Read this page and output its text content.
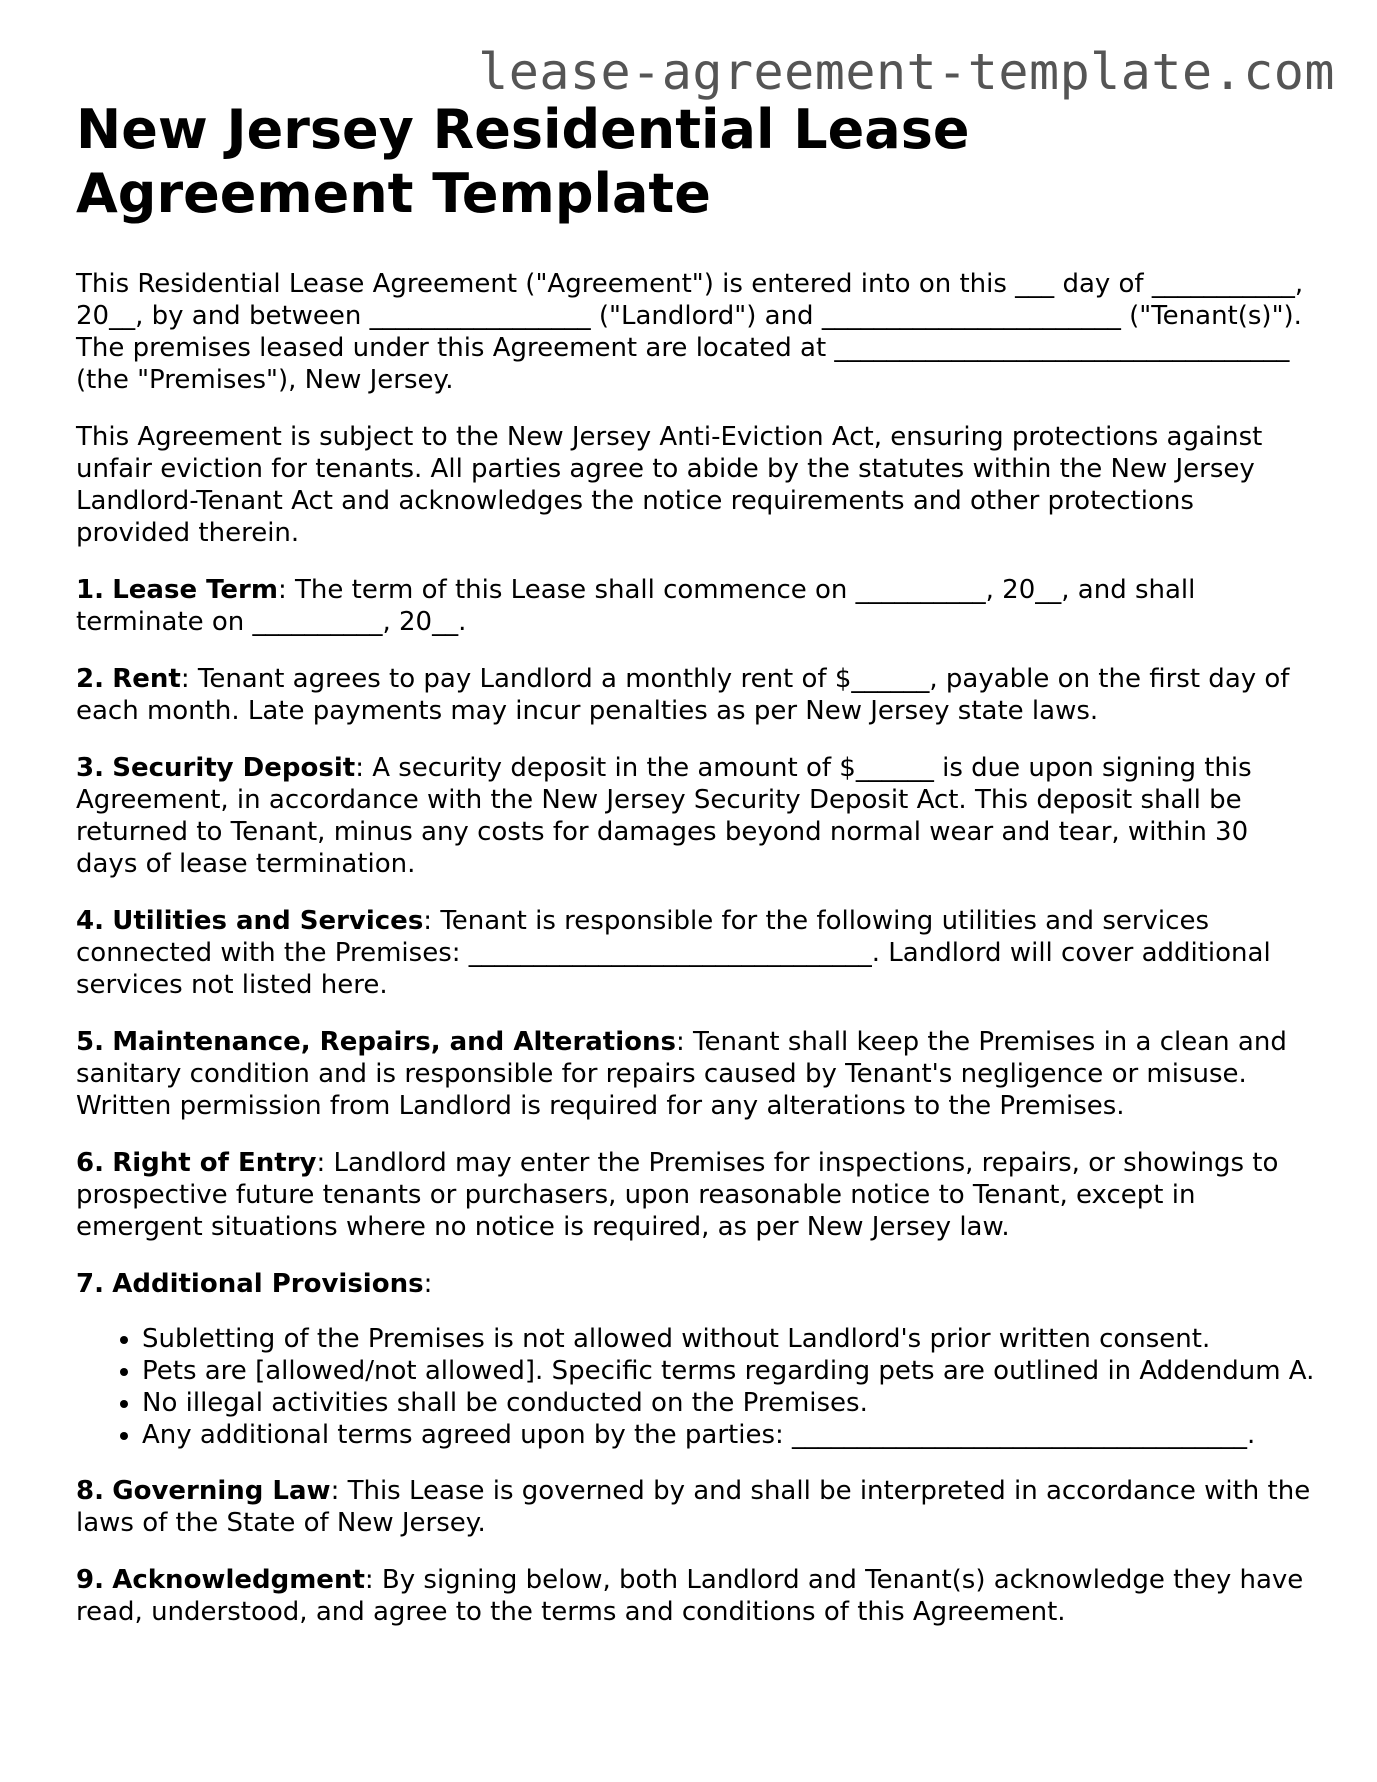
lease-agreement-template.com
New Jersey Residential Lease Agreement Template

This Residential Lease Agreement ("Agreement") is entered into on this ___ day of ___________, 20__, by and between _________________ ("Landlord") and _______________________ ("Tenant(s)"). The premises leased under this Agreement are located at ___________________________________ (the "Premises"), New Jersey.

This Agreement is subject to the New Jersey Anti-Eviction Act, ensuring protections against unfair eviction for tenants. All parties agree to abide by the statutes within the New Jersey Landlord-Tenant Act and acknowledges the notice requirements and other protections provided therein.

1. Lease Term: The term of this Lease shall commence on __________, 20__, and shall terminate on __________, 20__.

2. Rent: Tenant agrees to pay Landlord a monthly rent of $______, payable on the first day of each month. Late payments may incur penalties as per New Jersey state laws.

3. Security Deposit: A security deposit in the amount of $______ is due upon signing this Agreement, in accordance with the New Jersey Security Deposit Act. This deposit shall be returned to Tenant, minus any costs for damages beyond normal wear and tear, within 30 days of lease termination.

4. Utilities and Services: Tenant is responsible for the following utilities and services connected with the Premises: _______________________________. Landlord will cover additional services not listed here.

5. Maintenance, Repairs, and Alterations: Tenant shall keep the Premises in a clean and sanitary condition and is responsible for repairs caused by Tenant's negligence or misuse. Written permission from Landlord is required for any alterations to the Premises.

6. Right of Entry: Landlord may enter the Premises for inspections, repairs, or showings to prospective future tenants or purchasers, upon reasonable notice to Tenant, except in emergent situations where no notice is required, as per New Jersey law.

7. Additional Provisions:

• Subletting of the Premises is not allowed without Landlord's prior written consent.
• Pets are [allowed/not allowed]. Specific terms regarding pets are outlined in Addendum A.
• No illegal activities shall be conducted on the Premises.
• Any additional terms agreed upon by the parties: ___________________________________.

8. Governing Law: This Lease is governed by and shall be interpreted in accordance with the laws of the State of New Jersey.

9. Acknowledgment: By signing below, both Landlord and Tenant(s) acknowledge they have read, understood, and agree to the terms and conditions of this Agreement.
